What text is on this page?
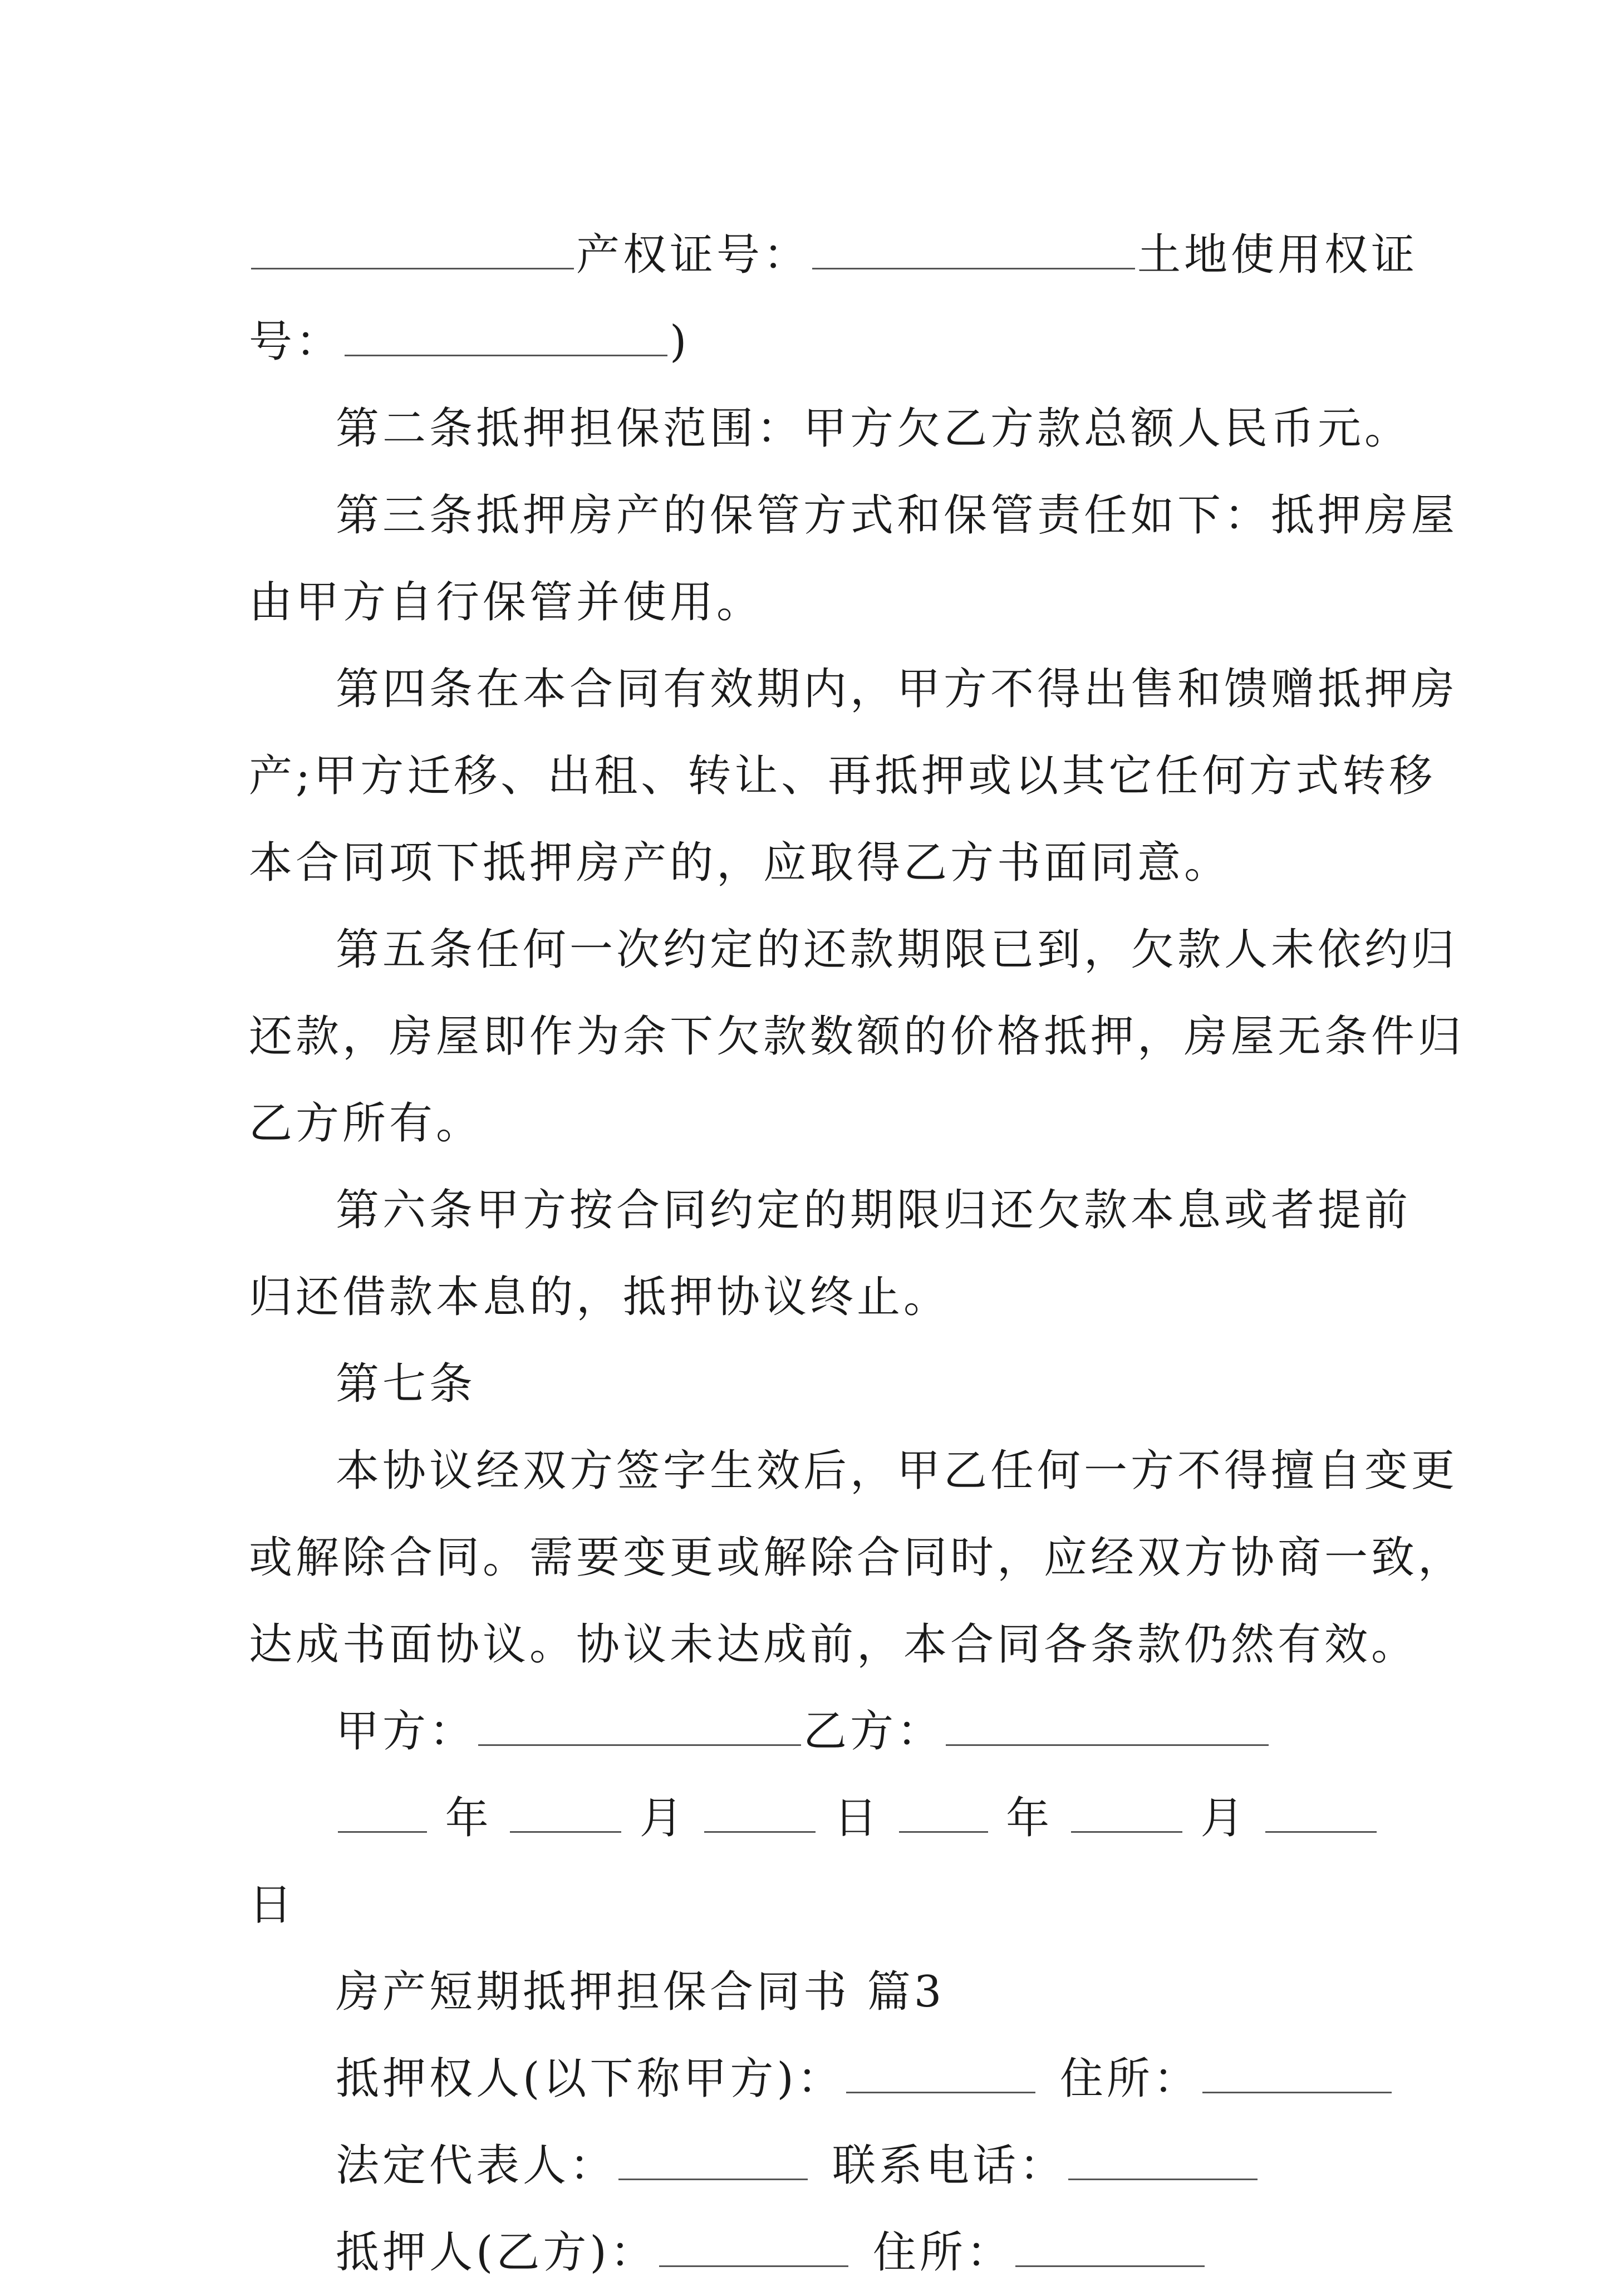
产权证号：	土地使用权证
号：	)
第二条抵押担保范围：甲方欠乙方款总额人民币元。
第三条抵押房产的保管方式和保管责任如下：抵押房屋
由甲方自行保管并使用。
第四条在本合同有效期内，甲方不得出售和馈赠抵押房
产;甲方迁移、出租、转让、再抵押或以其它任何方式转移
本合同项下抵押房产的，应取得乙方书面同意。
第五条任何一次约定的还款期限已到，欠款人未依约归
还款，房屋即作为余下欠款数额的价格抵押，房屋无条件归
乙方所有。
第六条甲方按合同约定的期限归还欠款本息或者提前
归还借款本息的，抵押协议终止。
第七条
本协议经双方签字生效后，甲乙任何一方不得擅自变更
或解除合同。需要变更或解除合同时，应经双方协商一致，
达成书面协议。协议未达成前，本合同各条款仍然有效。
甲方：	乙方：
年	月	日 年	月
日
房产短期抵押担保合同书 篇3
抵押权人(以下称甲方)：	住所：
法定代表人：	联系电话：
抵押人(乙方)：	住所：
